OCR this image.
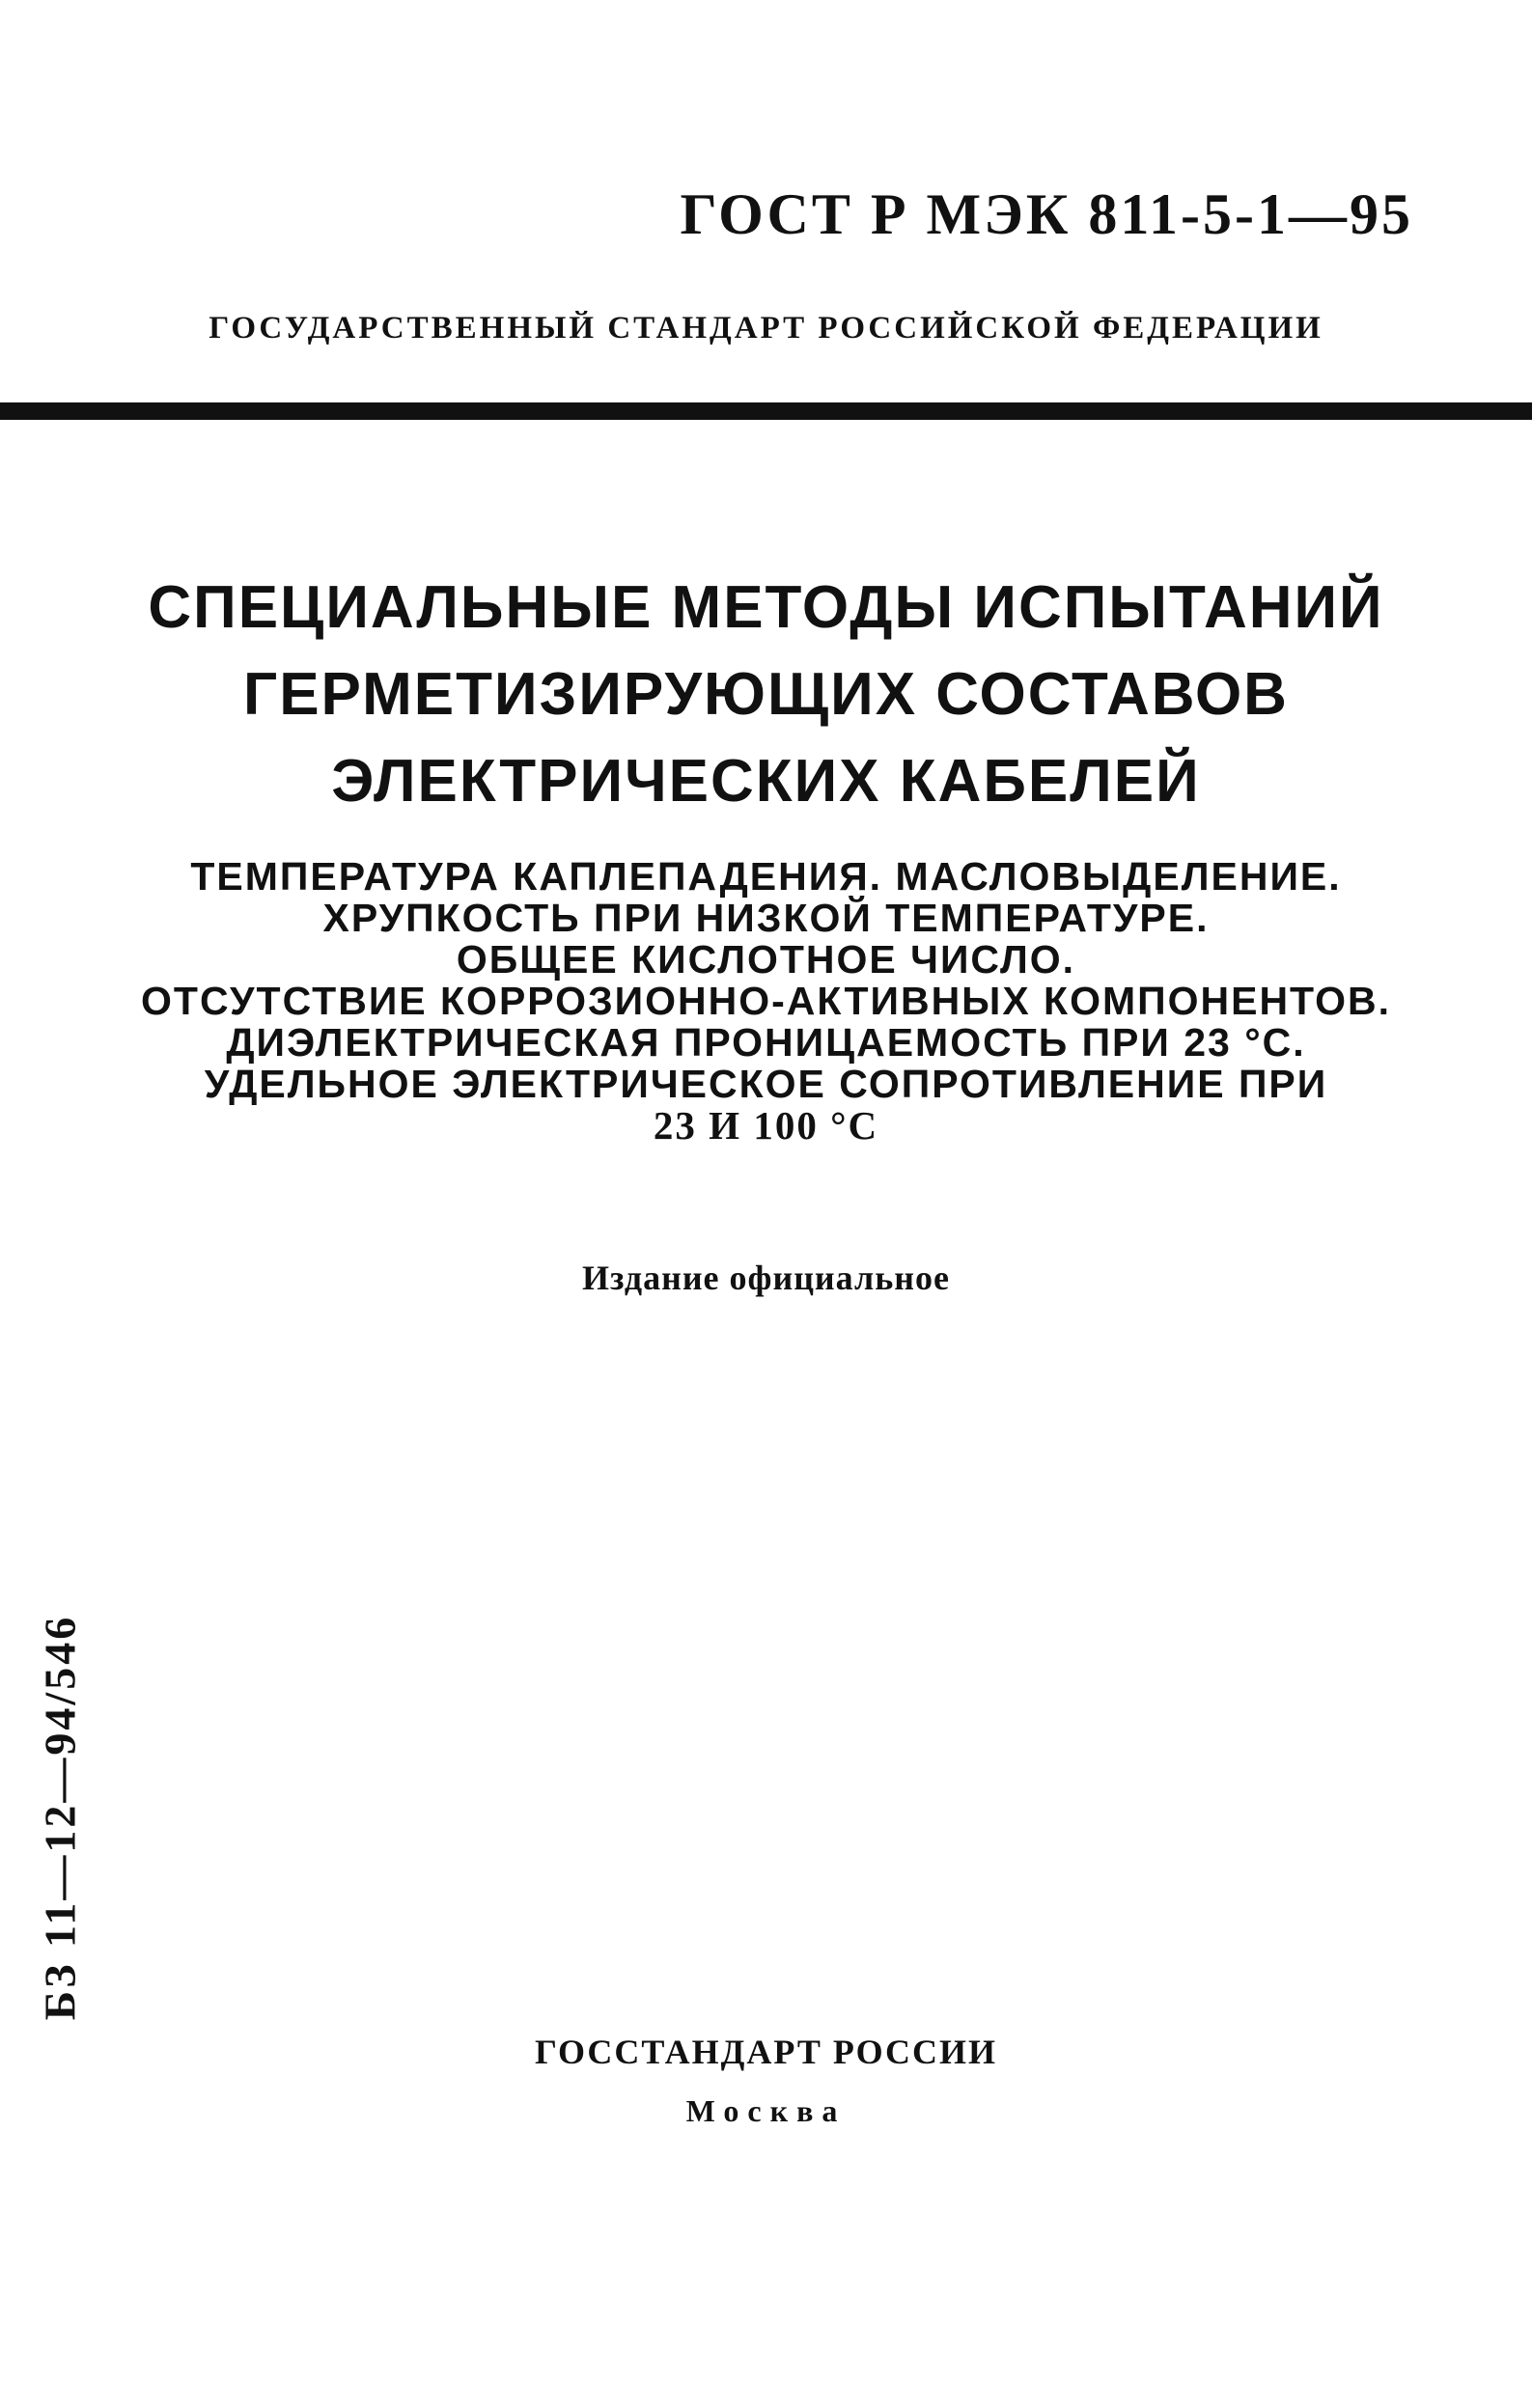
ГОСТ Р МЭК 811-5-1—95
ГОСУДАРСТВЕННЫЙ СТАНДАРТ РОССИЙСКОЙ ФЕДЕРАЦИИ
СПЕЦИАЛЬНЫЕ МЕТОДЫ ИСПЫТАНИЙ
ГЕРМЕТИЗИРУЮЩИХ СОСТАВОВ
ЭЛЕКТРИЧЕСКИХ КАБЕЛЕЙ
ТЕМПЕРАТУРА КАПЛЕПАДЕНИЯ. МАСЛОВЫДЕЛЕНИЕ.
ХРУПКОСТЬ ПРИ НИЗКОЙ ТЕМПЕРАТУРЕ.
ОБЩЕЕ КИСЛОТНОЕ ЧИСЛО.
ОТСУТСТВИЕ КОРРОЗИОННО-АКТИВНЫХ КОМПОНЕНТОВ.
ДИЭЛЕКТРИЧЕСКАЯ ПРОНИЦАЕМОСТЬ ПРИ 23 °С.
УДЕЛЬНОЕ ЭЛЕКТРИЧЕСКОЕ СОПРОТИВЛЕНИЕ ПРИ
23 И 100 °С
Издание официальное
БЗ 11—12—94/546
ГОССТАНДАРТ РОССИИ
Москва
